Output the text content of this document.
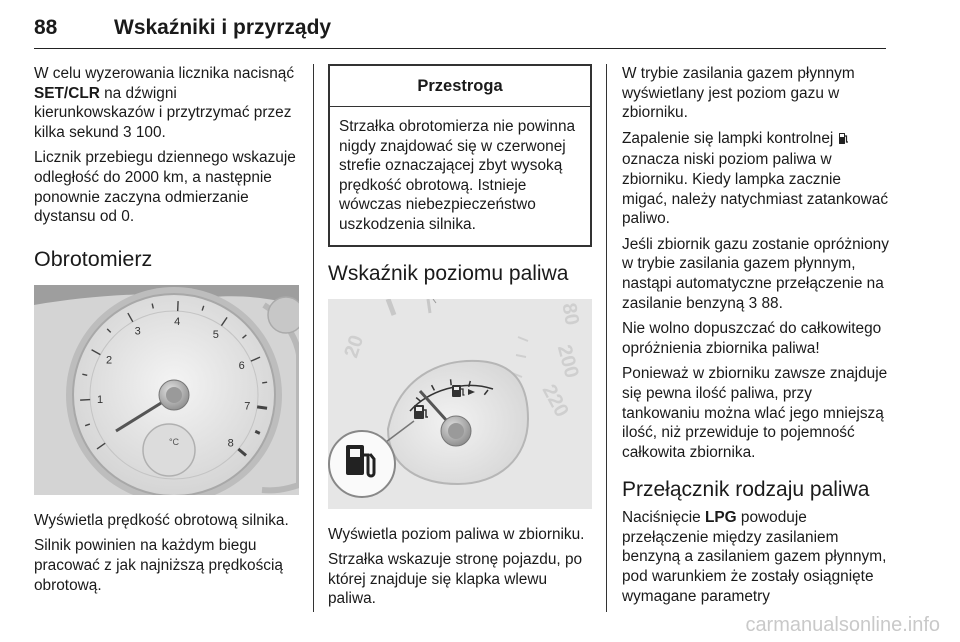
88	Wskaźniki i przyrządy

W celu wyzerowania licznika nacisnąć SET/CLR na dźwigni kierunkowskazów i przytrzymać przez kilka sekund 3 100.

Licznik przebiegu dziennego wskazuje odległość do 2000 km, a następnie ponownie zaczyna odmierzanie dystansu od 0.

Obrotomierz
1
2
3
4
5
6
7
8
°C

Wyświetla prędkość obrotową silnika.

Silnik powinien na każdym biegu pracować z jak najniższą prędkością obrotową.

Przestroga
Strzałka obrotomierza nie powinna nigdy znajdować się w czerwonej strefie oznaczającej zbyt wysoką prędkość obrotową. Istnieje wówczas niebezpieczeństwo uszkodzenia silnika.
Wskaźnik poziomu paliwa
20
80
200
220

Wyświetla poziom paliwa w zbiorniku.

Strzałka wskazuje stronę pojazdu, po której znajduje się klapka wlewu paliwa.

W trybie zasilania gazem płynnym wyświetlany jest poziom gazu w zbiorniku.

Zapalenie się lampki kontrolnej  oznacza niski poziom paliwa w zbiorniku. Kiedy lampka zacznie migać, należy natychmiast zatankować paliwo.

Jeśli zbiornik gazu zostanie opróżniony w trybie zasilania gazem płynnym, nastąpi automatyczne przełączenie na zasilanie benzyną 3 88.

Nie wolno dopuszczać do całkowitego opróżnienia zbiornika paliwa!

Ponieważ w zbiorniku zawsze znajduje się pewna ilość paliwa, przy tankowaniu można wlać jego mniejszą ilość, niż przewiduje to pojemność całkowita zbiornika.

Przełącznik rodzaju paliwa

Naciśnięcie LPG powoduje przełączenie między zasilaniem benzyną a zasilaniem gazem płynnym, pod warunkiem że zostały osiągnięte wymagane parametry

carmanualsonline.info
